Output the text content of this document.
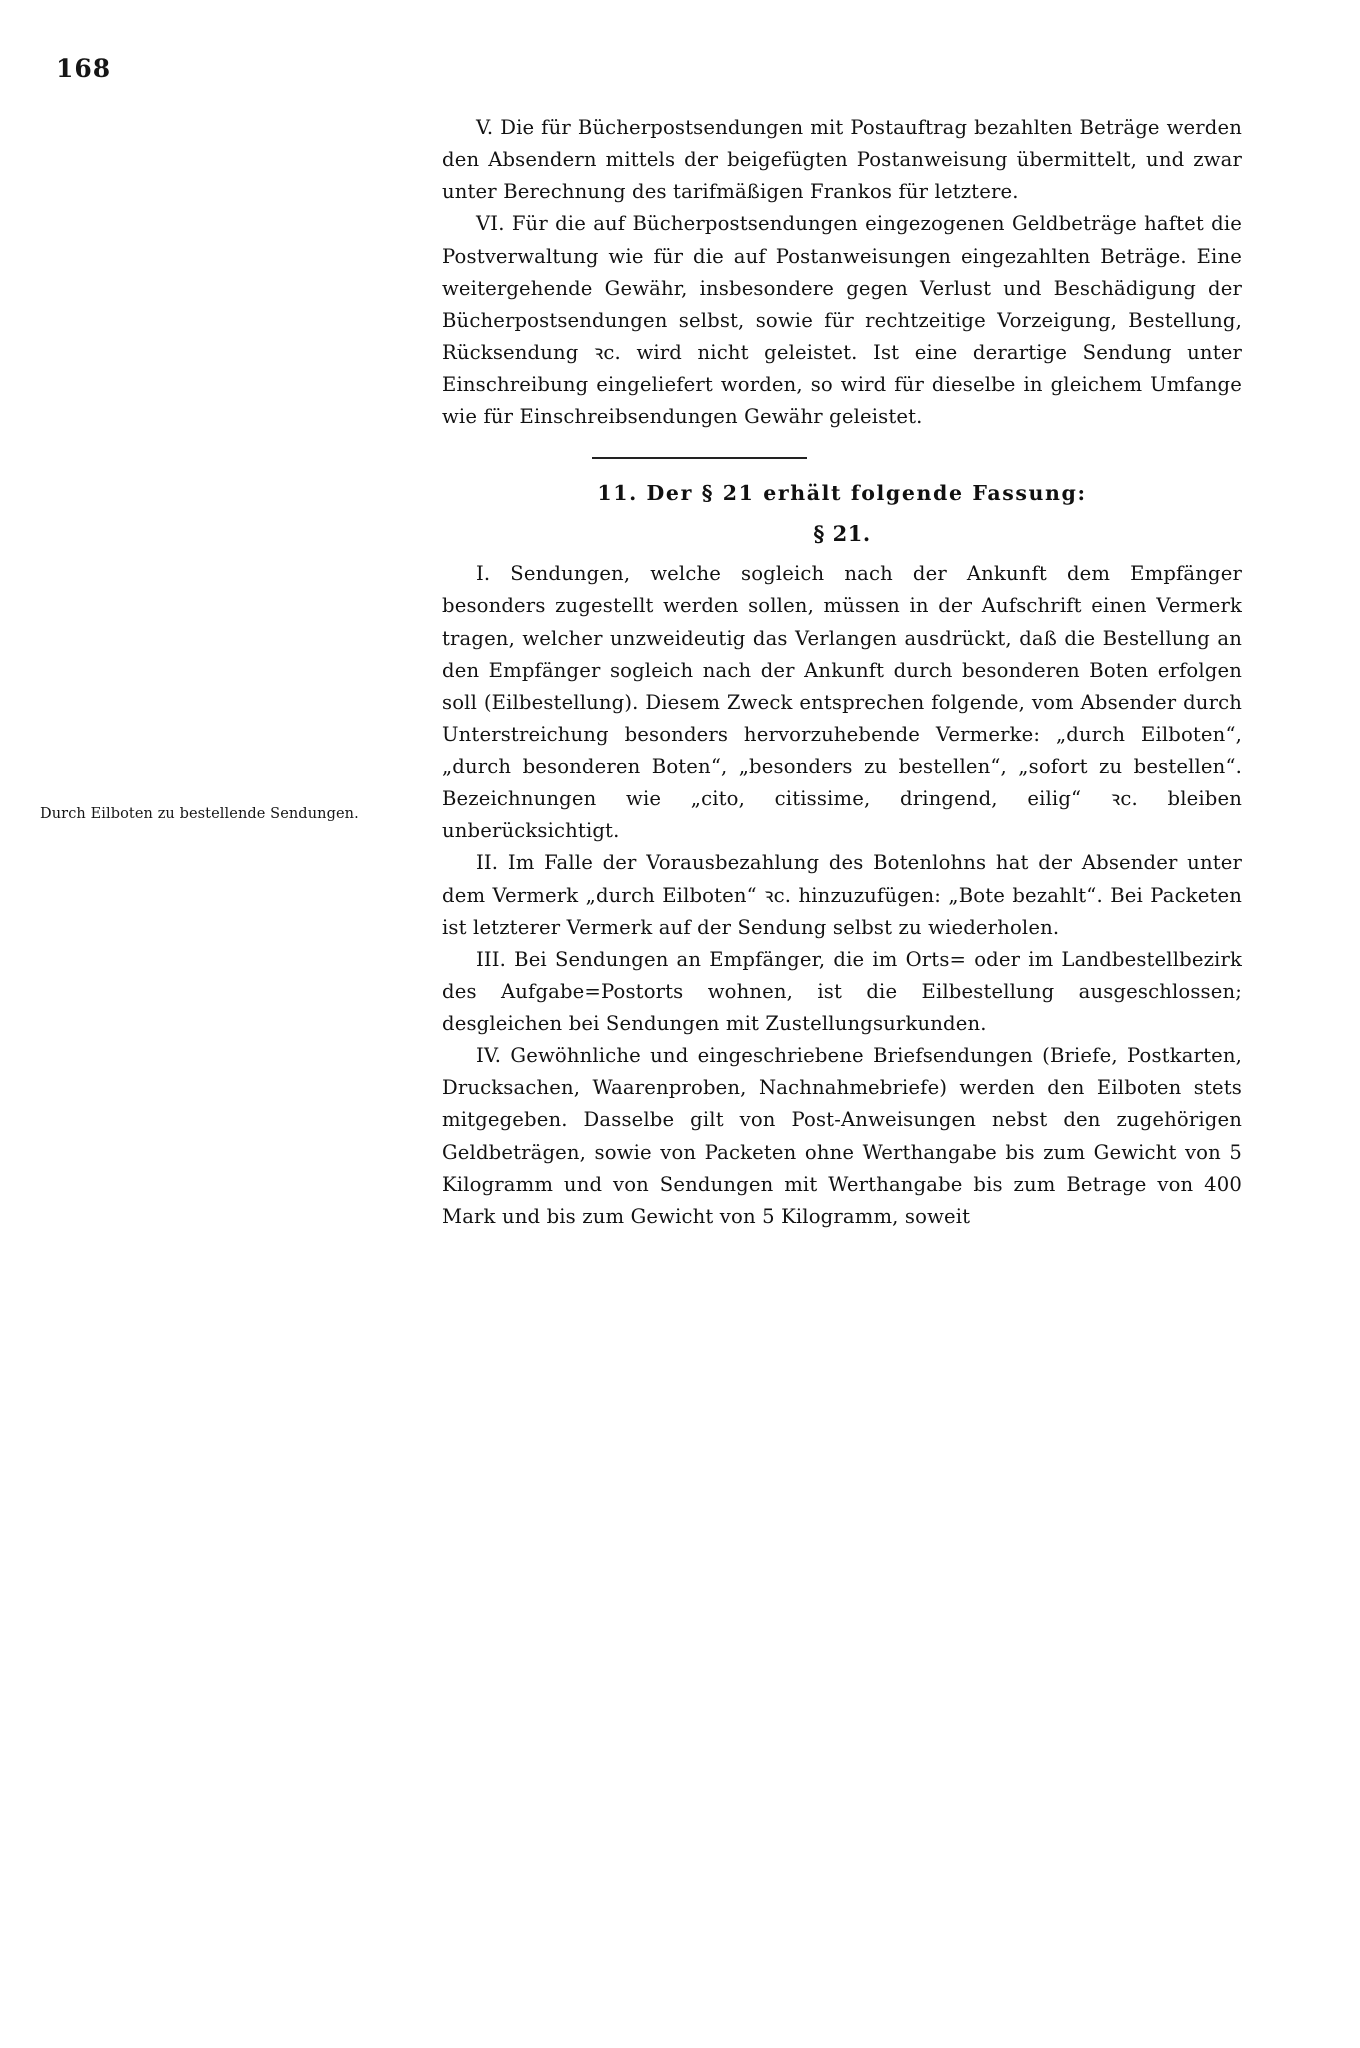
168
Durch Eilboten zu bestellende Sendungen.

V. Die für Bücherpostsendungen mit Postauftrag bezahlten Beträge werden den Absendern mittels der beigefügten Postanweisung übermittelt, und zwar unter Berechnung des tarifmäßigen Frankos für letztere.

VI. Für die auf Bücherpostsendungen eingezogenen Geldbeträge haftet die Postverwaltung wie für die auf Postanweisungen eingezahlten Beträge. Eine weitergehende Gewähr, insbesondere gegen Verlust und Beschädigung der Bücherpostsendungen selbst, sowie für rechtzeitige Vorzeigung, Bestellung, Rücksendung ꝛc. wird nicht geleistet. Ist eine derartige Sendung unter Einschreibung eingeliefert worden, so wird für dieselbe in gleichem Umfange wie für Einschreibsendungen Gewähr geleistet.

11. Der § 21 erhält folgende Fassung:
§ 21.

I. Sendungen, welche sogleich nach der Ankunft dem Empfänger besonders zugestellt werden sollen, müssen in der Aufschrift einen Vermerk tragen, welcher unzweideutig das Verlangen ausdrückt, daß die Bestellung an den Empfänger sogleich nach der Ankunft durch besonderen Boten erfolgen soll (Eilbestellung). Diesem Zweck entsprechen folgende, vom Absender durch Unterstreichung besonders hervorzuhebende Vermerke: „durch Eilboten“, „durch besonderen Boten“, „besonders zu bestellen“, „sofort zu bestellen“. Bezeichnungen wie „cito, citissime, dringend, eilig“ ꝛc. bleiben unberücksichtigt.

II. Im Falle der Vorausbezahlung des Botenlohns hat der Absender unter dem Vermerk „durch Eilboten“ ꝛc. hinzuzufügen: „Bote bezahlt“. Bei Packeten ist letzterer Vermerk auf der Sendung selbst zu wiederholen.

III. Bei Sendungen an Empfänger, die im Orts= oder im Landbestellbezirk des Aufgabe=Postorts wohnen, ist die Eilbestellung ausgeschlossen; desgleichen bei Sendungen mit Zustellungsurkunden.

IV. Gewöhnliche und eingeschriebene Briefsendungen (Briefe, Postkarten, Drucksachen, Waarenproben, Nachnahmebriefe) werden den Eilboten stets mitgegeben. Dasselbe gilt von Post-Anweisungen nebst den zugehörigen Geldbeträgen, sowie von Packeten ohne Werthangabe bis zum Gewicht von 5 Kilogramm und von Sendungen mit Werthangabe bis zum Betrage von 400 Mark und bis zum Gewicht von 5 Kilogramm, soweit
